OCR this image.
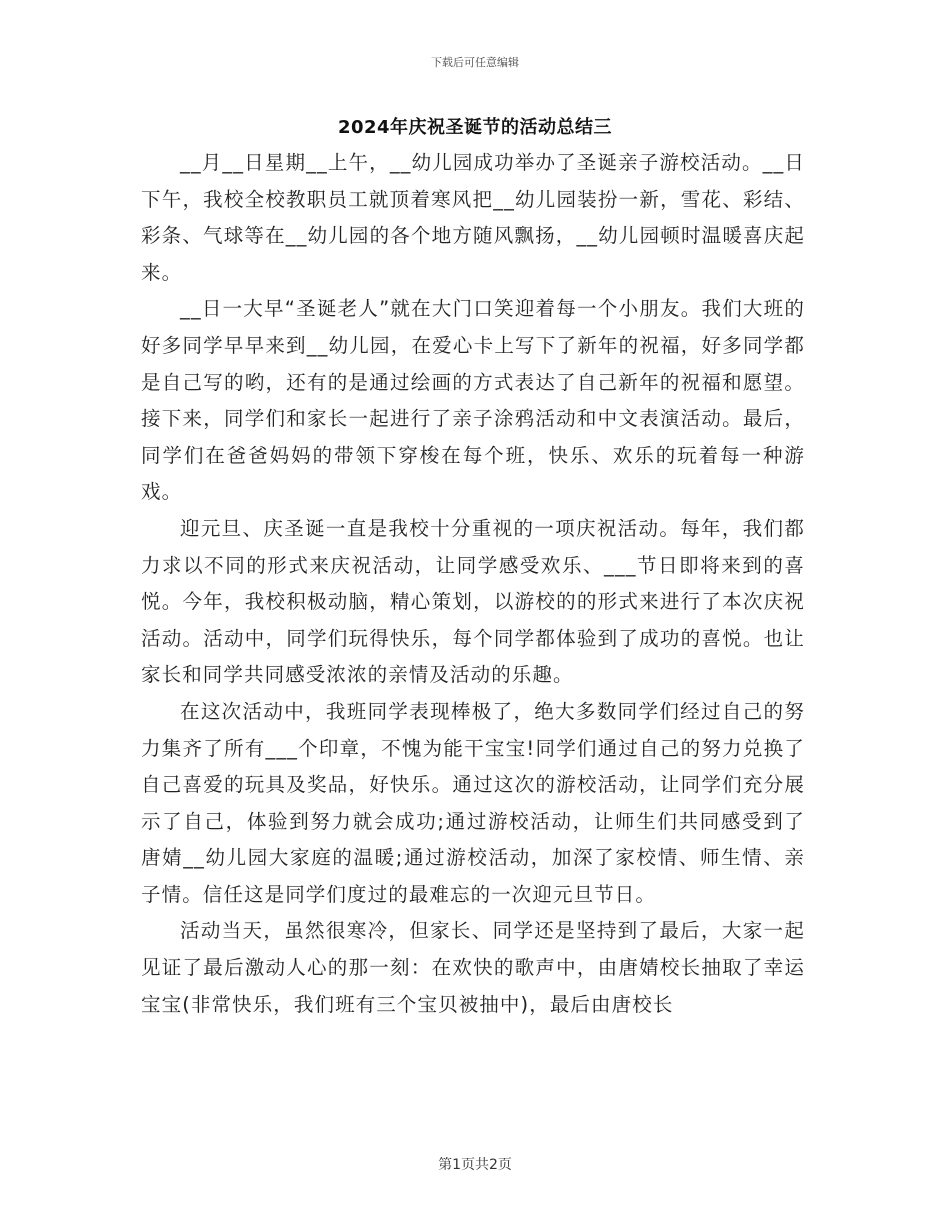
下载后可任意编辑
2024年庆祝圣诞节的活动总结三

__月__日星期__上午，__幼儿园成功举办了圣诞亲子游校活动。__日下午，我校全校教职员工就顶着寒风把__幼儿园装扮一新，雪花、彩结、彩条、气球等在__幼儿园的各个地方随风飘扬，__幼儿园顿时温暖喜庆起来。

__日一大早“圣诞老人”就在大门口笑迎着每一个小朋友。我们大班的好多同学早早来到__幼儿园，在爱心卡上写下了新年的祝福，好多同学都是自己写的哟，还有的是通过绘画的方式表达了自己新年的祝福和愿望。接下来，同学们和家长一起进行了亲子涂鸦活动和中文表演活动。最后，同学们在爸爸妈妈的带领下穿梭在每个班，快乐、欢乐的玩着每一种游戏。

迎元旦、庆圣诞一直是我校十分重视的一项庆祝活动。每年，我们都力求以不同的形式来庆祝活动，让同学感受欢乐、___节日即将来到的喜悦。今年，我校积极动脑，精心策划，以游校的的形式来进行了本次庆祝活动。活动中，同学们玩得快乐，每个同学都体验到了成功的喜悦。也让家长和同学共同感受浓浓的亲情及活动的乐趣。

在这次活动中，我班同学表现棒极了，绝大多数同学们经过自己的努力集齐了所有___个印章，不愧为能干宝宝!同学们通过自己的努力兑换了自己喜爱的玩具及奖品，好快乐。通过这次的游校活动，让同学们充分展示了自己，体验到努力就会成功;通过游校活动，让师生们共同感受到了唐婧__幼儿园大家庭的温暖;通过游校活动，加深了家校情、师生情、亲子情。信任这是同学们度过的最难忘的一次迎元旦节日。

活动当天，虽然很寒冷，但家长、同学还是坚持到了最后，大家一起见证了最后激动人心的那一刻：在欢快的歌声中，由唐婧校长抽取了幸运宝宝(非常快乐，我们班有三个宝贝被抽中)，最后由唐校长

第1页共2页
